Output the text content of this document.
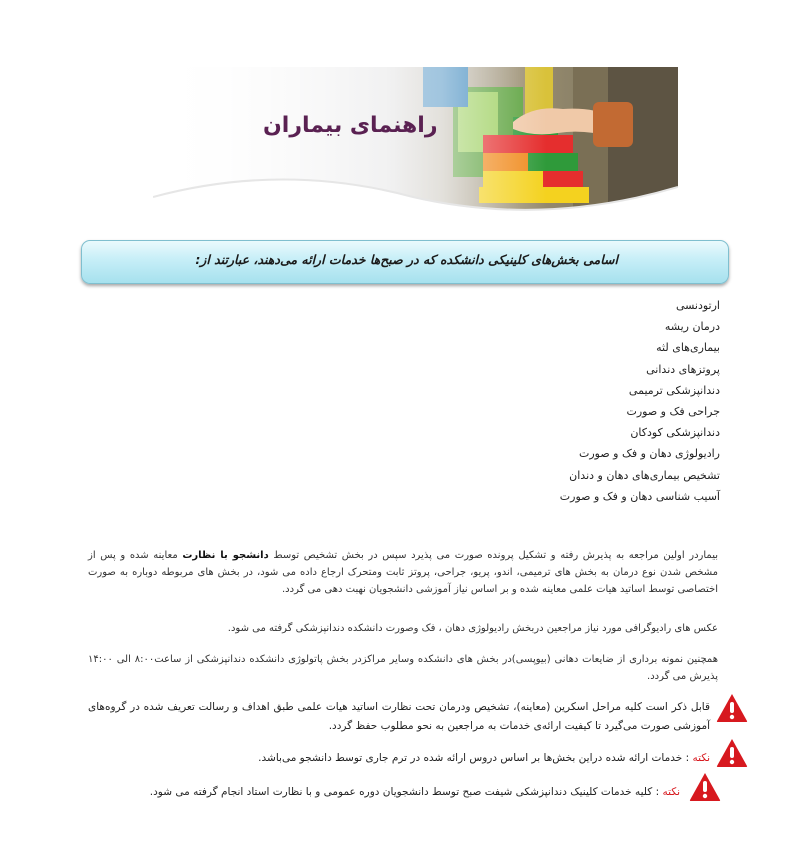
راهنمای بیماران
اسامی بخش‌های کلینیکی دانشکده که در صبح‌ها خدمات ارائه می‌دهند، عبارتند از:
ارتودنسی
درمان ریشه
بیماری‌های لثه
پروتزهای دندانی
دندانپزشکی ترمیمی
جراحی فک و صورت
دندانپزشکی کودکان
رادیولوژی دهان و فک و صورت
تشخیص بیماری‌های دهان و دندان
آسیب شناسی دهان و فک و صورت
بیماردر اولین مراجعه به پذیرش رفته و تشکیل پرونده صورت می پذیرد سپس در بخش تشخیص توسط دانشجو با نظارت معاینه شده و پس از مشخص شدن نوع درمان به بخش های ترمیمی، اندو، پریو، جراحی، پروتز ثابت ومتحرک ارجاع داده می شود، در بخش های مربوطه دوباره به صورت اختصاصی توسط اساتید هیات علمی معاینه شده و بر اساس نیاز آموزشی دانشجویان نهبت دهی می گردد.
عکس های رادیوگرافی مورد نیاز مراجعین دربخش رادیولوژی دهان ، فک وصورت دانشکده دندانپزشکی گرفته می شود.
همچنین نمونه برداری از ضایعات دهانی (بیوپسی)در بخش های دانشکده وسایر مراکزدر بخش پاتولوژی دانشکده دندانپزشکی از ساعت۸:۰۰ الی ۱۴:۰۰ پذیرش می گردد.
قابل ذکر است کلیه مراحل اسکرین (معاینه)، تشخیص ودرمان تحت نظارت اساتید هیات علمی طبق اهداف و رسالت تعریف شده در گروه‌های آموزشی صورت می‌گیرد تا کیفیت ارائه‌ی خدمات به مراجعین به نحو مطلوب حفظ گردد.
نکته : خدمات ارائه شده دراین بخش‌ها بر اساس دروس ارائه شده در ترم جاری توسط دانشجو می‌باشد.
نکته : کلیه خدمات کلینیک دندانپزشکی شیفت صبح توسط دانشجویان دوره عمومی و با نظارت استاد انجام گرفته می شود.
